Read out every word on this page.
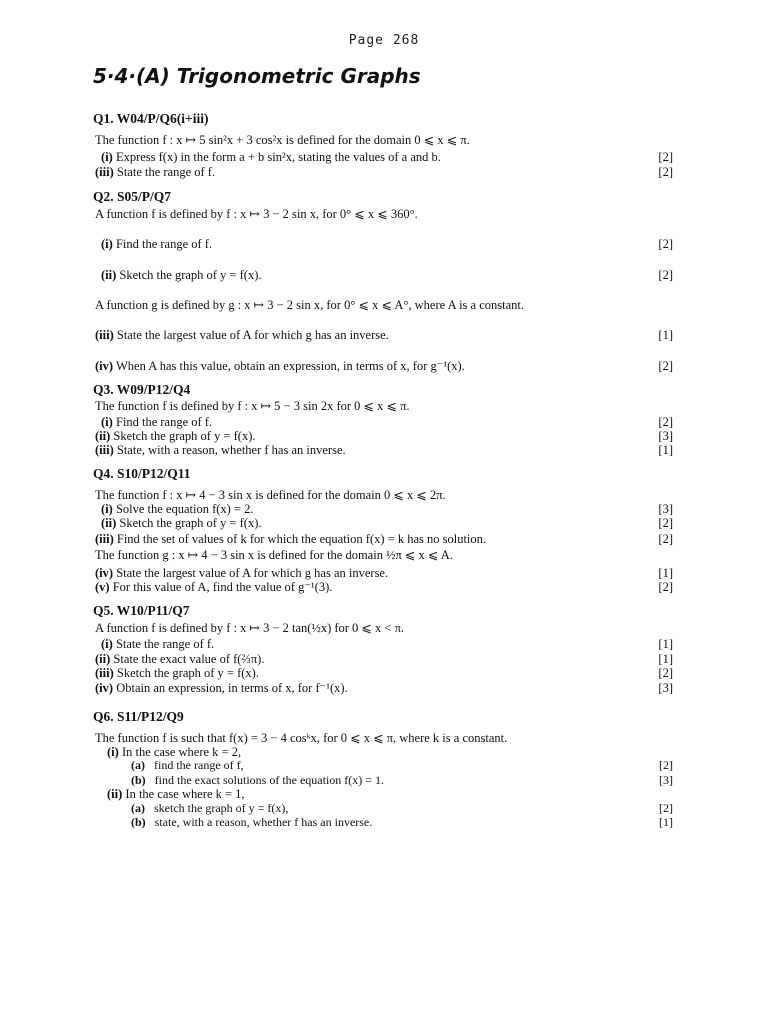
Page 268
5·4·(A) Trigonometric Graphs
Q1. W04/P/Q6(i+iii)
The function f : x ↦ 5 sin²x + 3 cos²x is defined for the domain 0 ⩽ x ⩽ π.
(i) Express f(x) in the form a + b sin²x, stating the values of a and b.	[2]
(iii) State the range of f.	[2]
Q2. S05/P/Q7
A function f is defined by f : x ↦ 3 − 2 sin x, for 0° ⩽ x ⩽ 360°.
(i) Find the range of f.	[2]
(ii) Sketch the graph of y = f(x).	[2]
A function g is defined by g : x ↦ 3 − 2 sin x, for 0° ⩽ x ⩽ A°, where A is a constant.
(iii) State the largest value of A for which g has an inverse.	[1]
(iv) When A has this value, obtain an expression, in terms of x, for g⁻¹(x).	[2]
Q3. W09/P12/Q4
The function f is defined by f : x ↦ 5 − 3 sin 2x for 0 ⩽ x ⩽ π.
(i) Find the range of f.	[2]
(ii) Sketch the graph of y = f(x).	[3]
(iii) State, with a reason, whether f has an inverse.	[1]
Q4. S10/P12/Q11
The function f : x ↦ 4 − 3 sin x is defined for the domain 0 ⩽ x ⩽ 2π.
(i) Solve the equation f(x) = 2.	[3]
(ii) Sketch the graph of y = f(x).	[2]
(iii) Find the set of values of k for which the equation f(x) = k has no solution.	[2]
The function g : x ↦ 4 − 3 sin x is defined for the domain ½π ⩽ x ⩽ A.
(iv) State the largest value of A for which g has an inverse.	[1]
(v) For this value of A, find the value of g⁻¹(3).	[2]
Q5. W10/P11/Q7
A function f is defined by f : x ↦ 3 − 2 tan(½x) for 0 ⩽ x < π.
(i) State the range of f.	[1]
(ii) State the exact value of f(⅔π).	[1]
(iii) Sketch the graph of y = f(x).	[2]
(iv) Obtain an expression, in terms of x, for f⁻¹(x).	[3]
Q6. S11/P12/Q9
The function f is such that f(x) = 3 − 4 cosᵏx, for 0 ⩽ x ⩽ π, where k is a constant.
(i) In the case where k = 2,
(a) find the range of f,	[2]
(b) find the exact solutions of the equation f(x) = 1.	[3]
(ii) In the case where k = 1,
(a) sketch the graph of y = f(x),	[2]
(b) state, with a reason, whether f has an inverse.	[1]
